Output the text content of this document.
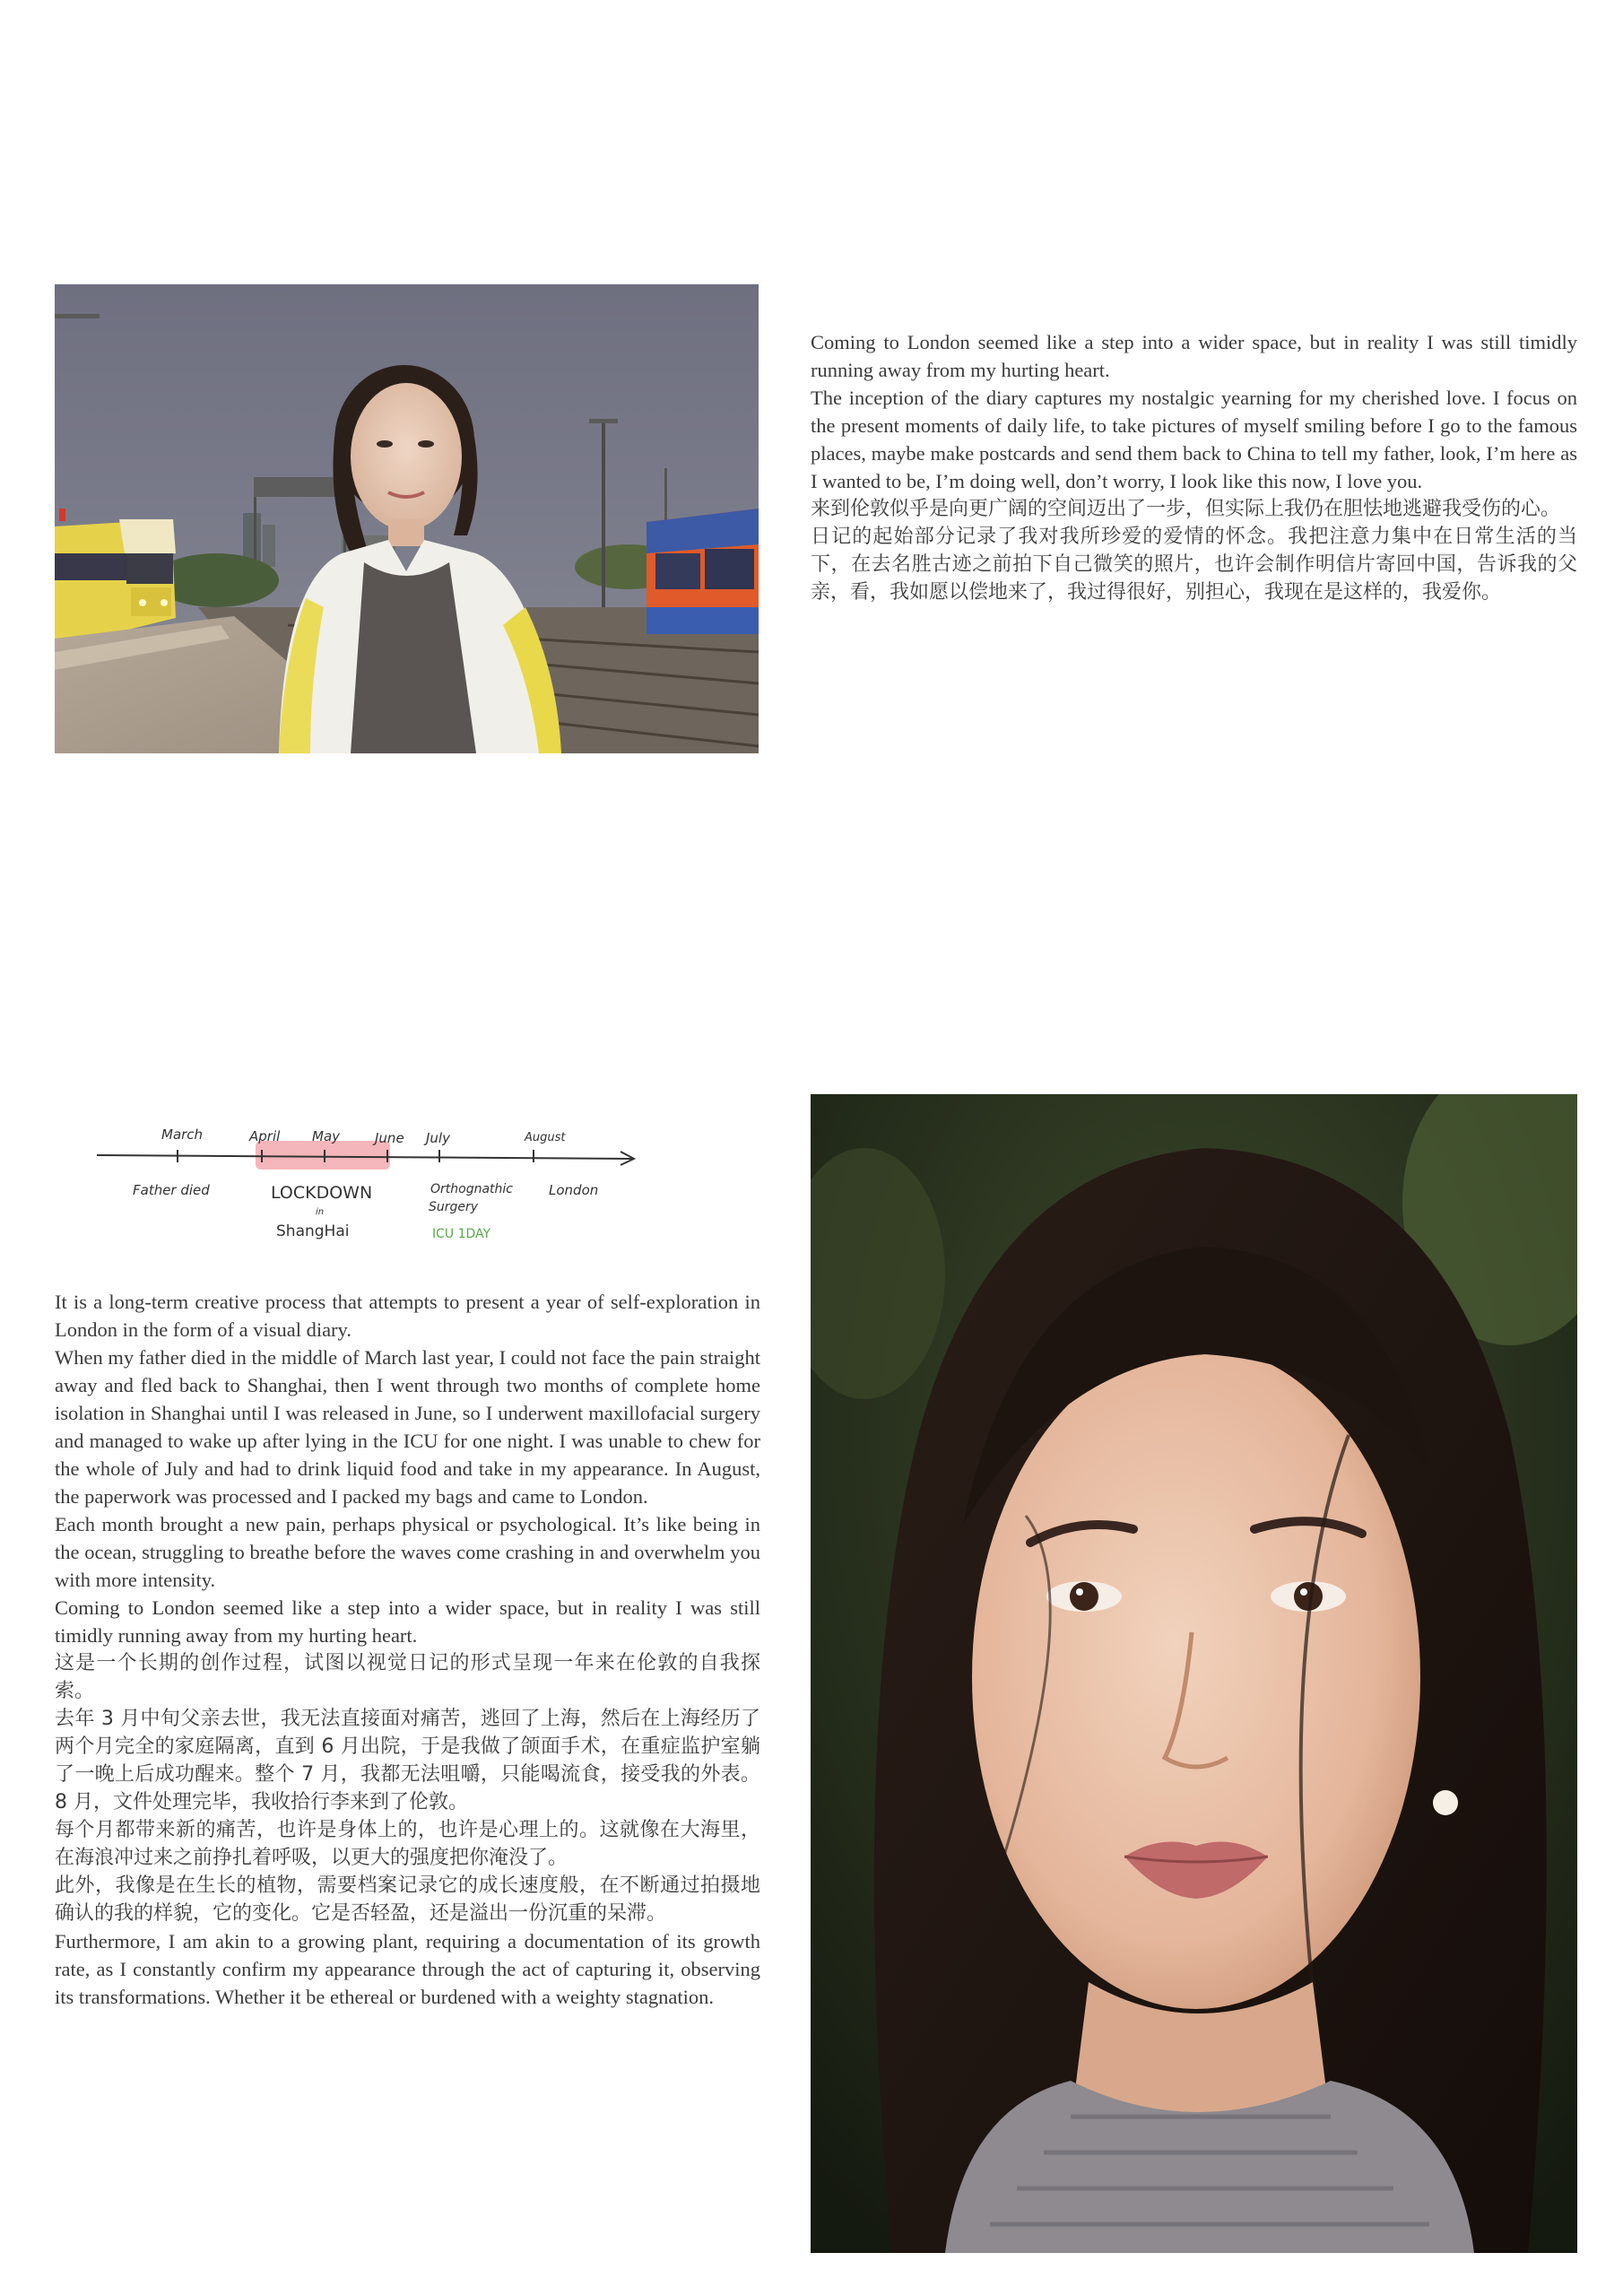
Coming to London seemed like a step into a wider space, but in reality I was still timidly running away from my hurting heart.

The inception of the diary captures my nostalgic yearning for my cherished love. I focus on the present moments of daily life, to take pictures of myself smiling before I go to the famous places, maybe make postcards and send them back to China to tell my father, look, I’m here as I wanted to be, I’m doing well, don’t worry, I look like this now, I love you.

来到伦敦似乎是向更广阔的空间迈出了一步，但实际上我仍在胆怯地逃避我受伤的心。

日记的起始部分记录了我对我所珍爱的爱情的怀念。我把注意力集中在日常生活的当下，在去名胜古迹之前拍下自己微笑的照片，也许会制作明信片寄回中国，告诉我的父亲，看，我如愿以偿地来了，我过得很好，别担心，我现在是这样的，我爱你。

March	April May	June July	August
Father died	LOCKDOWN
in
ShangHai
Orthognathic
Surgery
ICU 1DAY
London

It is a long-term creative process that attempts to present a year of self-exploration in London in the form of a visual diary.

When my father died in the middle of March last year, I could not face the pain straight away and fled back to Shanghai, then I went through two months of complete home isolation in Shanghai until I was released in June, so I underwent maxillofacial surgery and managed to wake up after lying in the ICU for one night. I was unable to chew for the whole of July and had to drink liquid food and take in my appearance. In August, the paperwork was processed and I packed my bags and came to London.

Each month brought a new pain, perhaps physical or psychological. It’s like being in the ocean, struggling to breathe before the waves come crashing in and overwhelm you with more intensity.

Coming to London seemed like a step into a wider space, but in reality I was still timidly running away from my hurting heart.

这是一个长期的创作过程，试图以视觉日记的形式呈现一年来在伦敦的自我探索。

去年 3 月中旬父亲去世，我无法直接面对痛苦，逃回了上海，然后在上海经历了两个月完全的家庭隔离，直到 6 月出院，于是我做了颌面手术，在重症监护室躺了一晚上后成功醒来。整个 7 月，我都无法咀嚼，只能喝流食，接受我的外表。8 月，文件处理完毕，我收拾行李来到了伦敦。

每个月都带来新的痛苦，也许是身体上的，也许是心理上的。这就像在大海里，在海浪冲过来之前挣扎着呼吸，以更大的强度把你淹没了。

此外，我像是在生长的植物，需要档案记录它的成长速度般，在不断通过拍摄地确认的我的样貌，它的变化。它是否轻盈，还是溢出一份沉重的呆滞。

Furthermore, I am akin to a growing plant, requiring a documentation of its growth rate, as I constantly confirm my appearance through the act of capturing it, observing its transformations. Whether it be ethereal or burdened with a weighty stagnation.
